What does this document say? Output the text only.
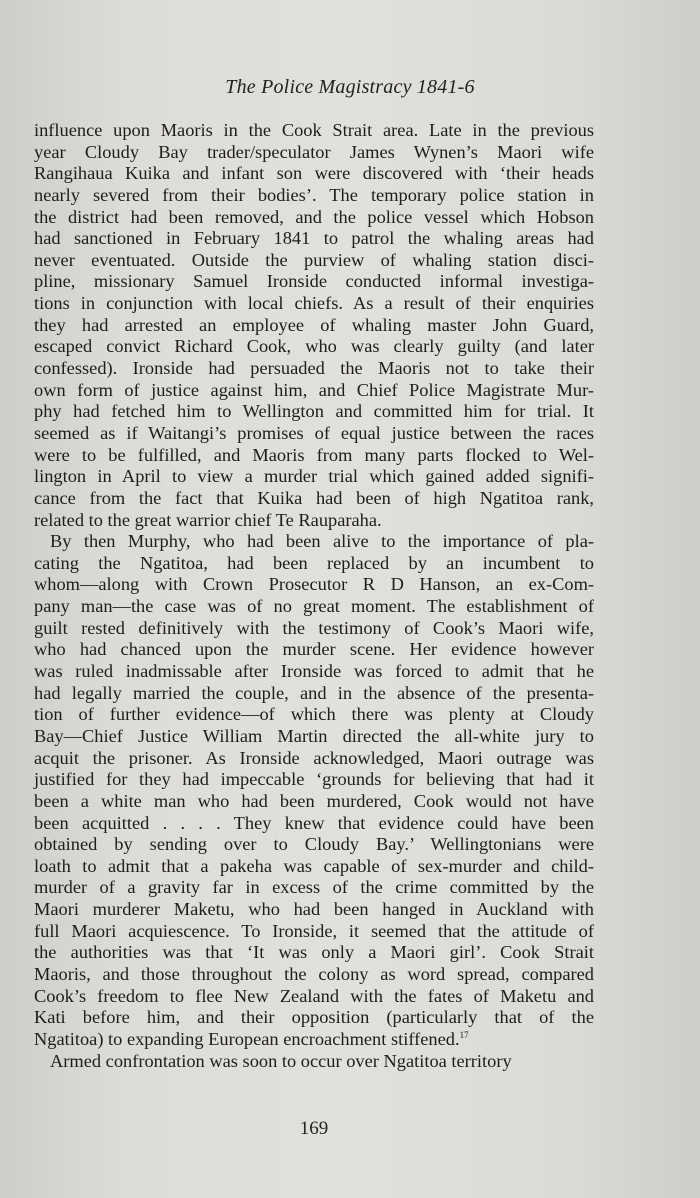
The Police Magistracy 1841-6
influence upon Maoris in the Cook Strait area. Late in the previous
year Cloudy Bay trader/speculator James Wynen’s Maori wife
Rangihaua Kuika and infant son were discovered with ‘their heads
nearly severed from their bodies’. The temporary police station in
the district had been removed, and the police vessel which Hobson
had sanctioned in February 1841 to patrol the whaling areas had
never eventuated. Outside the purview of whaling station disci-
pline, missionary Samuel Ironside conducted informal investiga-
tions in conjunction with local chiefs. As a result of their enquiries
they had arrested an employee of whaling master John Guard,
escaped convict Richard Cook, who was clearly guilty (and later
confessed). Ironside had persuaded the Maoris not to take their
own form of justice against him, and Chief Police Magistrate Mur-
phy had fetched him to Wellington and committed him for trial. It
seemed as if Waitangi’s promises of equal justice between the races
were to be fulfilled, and Maoris from many parts flocked to Wel-
lington in April to view a murder trial which gained added signifi-
cance from the fact that Kuika had been of high Ngatitoa rank,
related to the great warrior chief Te Rauparaha.
By then Murphy, who had been alive to the importance of pla-
cating the Ngatitoa, had been replaced by an incumbent to
whom—along with Crown Prosecutor R D Hanson, an ex-Com-
pany man—the case was of no great moment. The establishment of
guilt rested definitively with the testimony of Cook’s Maori wife,
who had chanced upon the murder scene. Her evidence however
was ruled inadmissable after Ironside was forced to admit that he
had legally married the couple, and in the absence of the presenta-
tion of further evidence—of which there was plenty at Cloudy
Bay—Chief Justice William Martin directed the all-white jury to
acquit the prisoner. As Ironside acknowledged, Maori outrage was
justified for they had impeccable ‘grounds for believing that had it
been a white man who had been murdered, Cook would not have
been acquitted . . . . They knew that evidence could have been
obtained by sending over to Cloudy Bay.’ Wellingtonians were
loath to admit that a pakeha was capable of sex-murder and child-
murder of a gravity far in excess of the crime committed by the
Maori murderer Maketu, who had been hanged in Auckland with
full Maori acquiescence. To Ironside, it seemed that the attitude of
the authorities was that ‘It was only a Maori girl’. Cook Strait
Maoris, and those throughout the colony as word spread, compared
Cook’s freedom to flee New Zealand with the fates of Maketu and
Kati before him, and their opposition (particularly that of the
Ngatitoa) to expanding European encroachment stiffened.$^{17}$
Armed confrontation was soon to occur over Ngatitoa territory
169
